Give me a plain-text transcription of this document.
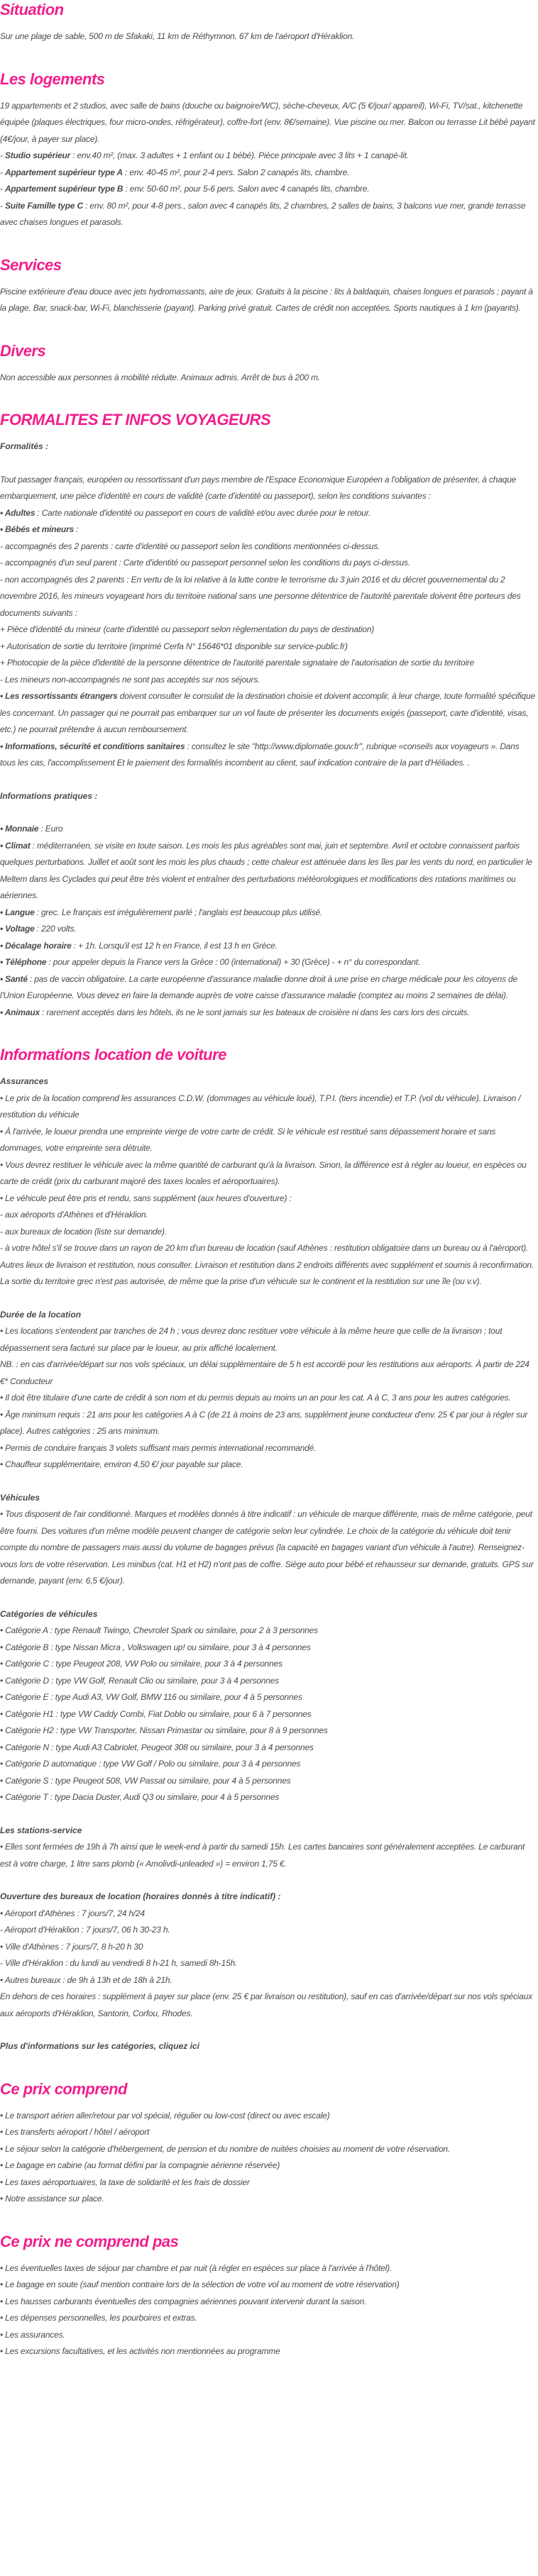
Situation

Sur une plage de sable, 500 m de Sfakaki, 11 km de Réthymnon, 67 km de l'aéroport d'Héraklion.

Les logements

19 appartements et 2 studios, avec salle de bains (douche ou baignoire/WC), sèche-cheveux, A/C (5 €/jour/ appareil), Wi-Fi, TV/sat., kitchenette équipée (plaques électriques, four micro-ondes, réfrigérateur), coffre-fort (env. 8€/semaine). Vue piscine ou mer. Balcon ou terrasse Lit bébé payant (4€/jour, à payer sur place).

- Studio supérieur : env.40 m², (max. 3 adultes + 1 enfant ou 1 bébé). Pièce principale avec 3 lits + 1 canapé-lit.
- Appartement supérieur type A : env. 40-45 m², pour 2-4 pers. Salon 2 canapés lits, chambre.
- Appartement supérieur type B : env. 50-60 m², pour 5-6 pers. Salon avec 4 canapés lits, chambre.
- Suite Famille type C : env. 80 m², pour 4-8 pers., salon avec 4 canapés lits, 2 chambres, 2 salles de bains, 3 balcons vue mer, grande terrasse avec chaises longues et parasols.
Services

Piscine extérieure d'eau douce avec jets hydromassants, aire de jeux. Gratuits à la piscine : lits à baldaquin, chaises longues et parasols ; payant à la plage. Bar, snack-bar, Wi-Fi, blanchisserie (payant). Parking privé gratuit. Cartes de crédit non acceptées. Sports nautiques à 1 km (payants).

Divers

Non accessible aux personnes à mobilité réduite. Animaux admis. Arrêt de bus à 200 m.

FORMALITES ET INFOS VOYAGEURS
Formalités :

Tout passager français, européen ou ressortissant d'un pays membre de l'Espace Economique Européen a l'obligation de présenter, à chaque embarquement, une pièce d'identité en cours de validité (carte d'identité ou passeport), selon les conditions suivantes :

• Adultes : Carte nationale d'identité ou passeport en cours de validité et/ou avec durée pour le retour.
• Bébés et mineurs :
- accompagnés des 2 parents : carte d'identité ou passeport selon les conditions mentionnées ci-dessus.
- accompagnés d'un seul parent : Carte d'identité ou passeport personnel selon les conditions du pays ci-dessus.
- non accompagnés des 2 parents : En vertu de la loi relative à la lutte contre le terrorisme du 3 juin 2016 et du décret gouvernemental du 2 novembre 2016, les mineurs voyageant hors du territoire national sans une personne détentrice de l'autorité parentale doivent être porteurs des documents suivants :
+ Pièce d'identité du mineur (carte d'identité ou passeport selon règlementation du pays de destination)
+ Autorisation de sortie du territoire (imprimé Cerfa N° 15646*01 disponible sur service-public.fr)
+ Photocopie de la pièce d'identité de la personne détentrice de l'autorité parentale signataire de l'autorisation de sortie du territoire
- Les mineurs non-accompagnés ne sont pas acceptés sur nos séjours.
• Les ressortissants étrangers doivent consulter le consulat de la destination choisie et doivent accomplir, à leur charge, toute formalité spécifique les concernant. Un passager qui ne pourrait pas embarquer sur un vol faute de présenter les documents exigés (passeport, carte d'identité, visas, etc.) ne pourrait prétendre à aucun remboursement.
• Informations, sécurité et conditions sanitaires : consultez le site "http://www.diplomatie.gouv.fr", rubrique «conseils aux voyageurs ». Dans tous les cas, l'accomplissement Et le paiement des formalités incombent au client, sauf indication contraire de la part d'Héliades. .
Informations pratiques :
• Monnaie : Euro
• Climat : méditerranéen, se visite en toute saison. Les mois les plus agréables sont mai, juin et septembre. Avril et octobre connaissent parfois quelques perturbations. Juillet et août sont les mois les plus chauds ; cette chaleur est atténuée dans les îles par les vents du nord, en particulier le Meltem dans les Cyclades qui peut être très violent et entraîner des perturbations météorologiques et modifications des rotations maritimes ou aériennes.
• Langue : grec. Le français est irrégulièrement parlé ; l'anglais est beaucoup plus utilisé.
• Voltage : 220 volts.
• Décalage horaire : + 1h. Lorsqu'il est 12 h en France, il est 13 h en Grèce.
• Téléphone : pour appeler depuis la France vers la Grèce : 00 (international) + 30 (Grèce) - + n° du correspondant.
• Santé : pas de vaccin obligatoire. La carte européenne d'assurance maladie donne droit à une prise en charge médicale pour les citoyens de l'Union Européenne. Vous devez en faire la demande auprès de votre caisse d'assurance maladie (comptez au moins 2 semaines de délai).
• Animaux : rarement acceptés dans les hôtels, ils ne le sont jamais sur les bateaux de croisière ni dans les cars lors des circuits.
Informations location de voiture
Assurances
• Le prix de la location comprend les assurances C.D.W. (dommages au véhicule loué), T.P.I. (tiers incendie) et T.P. (vol du véhicule). Livraison / restitution du véhicule
• À l'arrivée, le loueur prendra une empreinte vierge de votre carte de crédit. Si le véhicule est restitué sans dépassement horaire et sans dommages, votre empreinte sera détruite.
• Vous devrez restituer le véhicule avec la même quantité de carburant qu'à la livraison. Sinon, la différence est à régler au loueur, en espèces ou carte de crédit (prix du carburant majoré des taxes locales et aéroportuaires).
• Le véhicule peut être pris et rendu, sans supplément (aux heures d'ouverture) :
- aux aéroports d'Athènes et d'Héraklion.
- aux bureaux de location (liste sur demande).
- à votre hôtel s'il se trouve dans un rayon de 20 km d'un bureau de location (sauf Athènes : restitution obligatoire dans un bureau ou à l'aéroport).
Autres lieux de livraison et restitution, nous consulter. Livraison et restitution dans 2 endroits différents avec supplément et soumis à reconfirmation. La sortie du territoire grec n'est pas autorisée, de même que la prise d'un véhicule sur le continent et la restitution sur une île (ou v.v).
Durée de la location
• Les locations s'entendent par tranches de 24 h ; vous devrez donc restituer votre véhicule à la même heure que celle de la livraison ; tout dépassement sera facturé sur place par le loueur, au prix affiché localement.
NB. : en cas d'arrivée/départ sur nos vols spéciaux, un délai supplémentaire de 5 h est accordé pour les restitutions aux aéroports. À partir de 224 €* Conducteur
• Il doit être titulaire d'une carte de crédit à son nom et du permis depuis au moins un an pour les cat. A à C, 3 ans pour les autres catégories.
• Âge minimum requis : 21 ans pour les catégories A à C (de 21 à moins de 23 ans, supplément jeune conducteur d'env. 25 € par jour à régler sur place). Autres catégories : 25 ans minimum.
• Permis de conduire français 3 volets suffisant mais permis international recommandé.
• Chauffeur supplémentaire, environ 4,50 €/ jour payable sur place.
Véhicules
• Tous disposent de l'air conditionné. Marques et modèles donnés à titre indicatif : un véhicule de marque différente, mais de même catégorie, peut être fourni. Des voitures d'un même modèle peuvent changer de catégorie selon leur cylindrée. Le choix de la catégorie du véhicule doit tenir compte du nombre de passagers mais aussi du volume de bagages prévus (la capacité en bagages variant d'un véhicule à l'autre). Renseignez- vous lors de votre réservation. Les minibus (cat. H1 et H2) n'ont pas de coffre. Siège auto pour bébé et rehausseur sur demande, gratuits. GPS sur demande, payant (env. 6,5 €/jour).
Catégories de véhicules
• Catégorie A : type Renault Twingo, Chevrolet Spark ou similaire, pour 2 à 3 personnes
• Catégorie B : type Nissan Micra , Volkswagen up! ou similaire, pour 3 à 4 personnes
• Catégorie C : type Peugeot 208, VW Polo ou similaire, pour 3 à 4 personnes
• Catégorie D : type VW Golf, Renault Clio ou similaire, pour 3 à 4 personnes
• Catégorie E : type Audi A3, VW Golf, BMW 116 ou similaire, pour 4 à 5 personnes
• Catégorie H1 : type VW Caddy Combi, Fiat Doblo ou similaire, pour 6 à 7 personnes
• Catégorie H2 : type VW Transporter, Nissan Primastar ou similaire, pour 8 à 9 personnes
• Catégorie N : type Audi A3 Cabriolet, Peugeot 308 ou similaire, pour 3 à 4 personnes
• Catégorie D automatique : type VW Golf / Polo ou similaire, pour 3 à 4 personnes
• Catégorie S : type Peugeot 508, VW Passat ou similaire, pour 4 à 5 personnes
• Catégorie T : type Dacia Duster, Audi Q3 ou similaire, pour 4 à 5 personnes
Les stations-service
• Elles sont fermées de 19h à 7h ainsi que le week-end à partir du samedi 15h. Les cartes bancaires sont généralement acceptées. Le carburant est à votre charge, 1 litre sans plomb (« Amolivdi-unleaded ») = environ 1,75 €.
Ouverture des bureaux de location (horaires donnés à titre indicatif) :
• Aéroport d'Athènes : 7 jours/7, 24 h/24
- Aéroport d'Héraklion : 7 jours/7, 06 h 30-23 h.
• Ville d'Athènes : 7 jours/7, 8 h-20 h 30
- Ville d'Héraklion : du lundi au vendredi 8 h-21 h, samedi 8h-15h.
• Autres bureaux : de 9h à 13h et de 18h à 21h.
En dehors de ces horaires : supplément à payer sur place (env. 25 € par livraison ou restitution), sauf en cas d'arrivée/départ sur nos vols spéciaux aux aéroports d'Héraklion, Santorin, Corfou, Rhodes.
Plus d'informations sur les catégories, cliquez ici
Ce prix comprend
• Le transport aérien aller/retour par vol spécial, régulier ou low-cost (direct ou avec escale)
• Les transferts aéroport / hôtel / aéroport
• Le séjour selon la catégorie d'hébergement, de pension et du nombre de nuitées choisies au moment de votre réservation.
• Le bagage en cabine (au format défini par la compagnie aérienne réservée)
• Les taxes aéroportuaires, la taxe de solidarité et les frais de dossier
• Notre assistance sur place.
Ce prix ne comprend pas
• Les éventuelles taxes de séjour par chambre et par nuit (à régler en espèces sur place à l'arrivée à l'hôtel).
• Le bagage en soute (sauf mention contraire lors de la sélection de votre vol au moment de votre réservation)
• Les hausses carburants éventuelles des compagnies aériennes pouvant intervenir durant la saison.
• Les dépenses personnelles, les pourboires et extras.
• Les assurances.
• Les excursions facultatives, et les activités non mentionnées au programme
